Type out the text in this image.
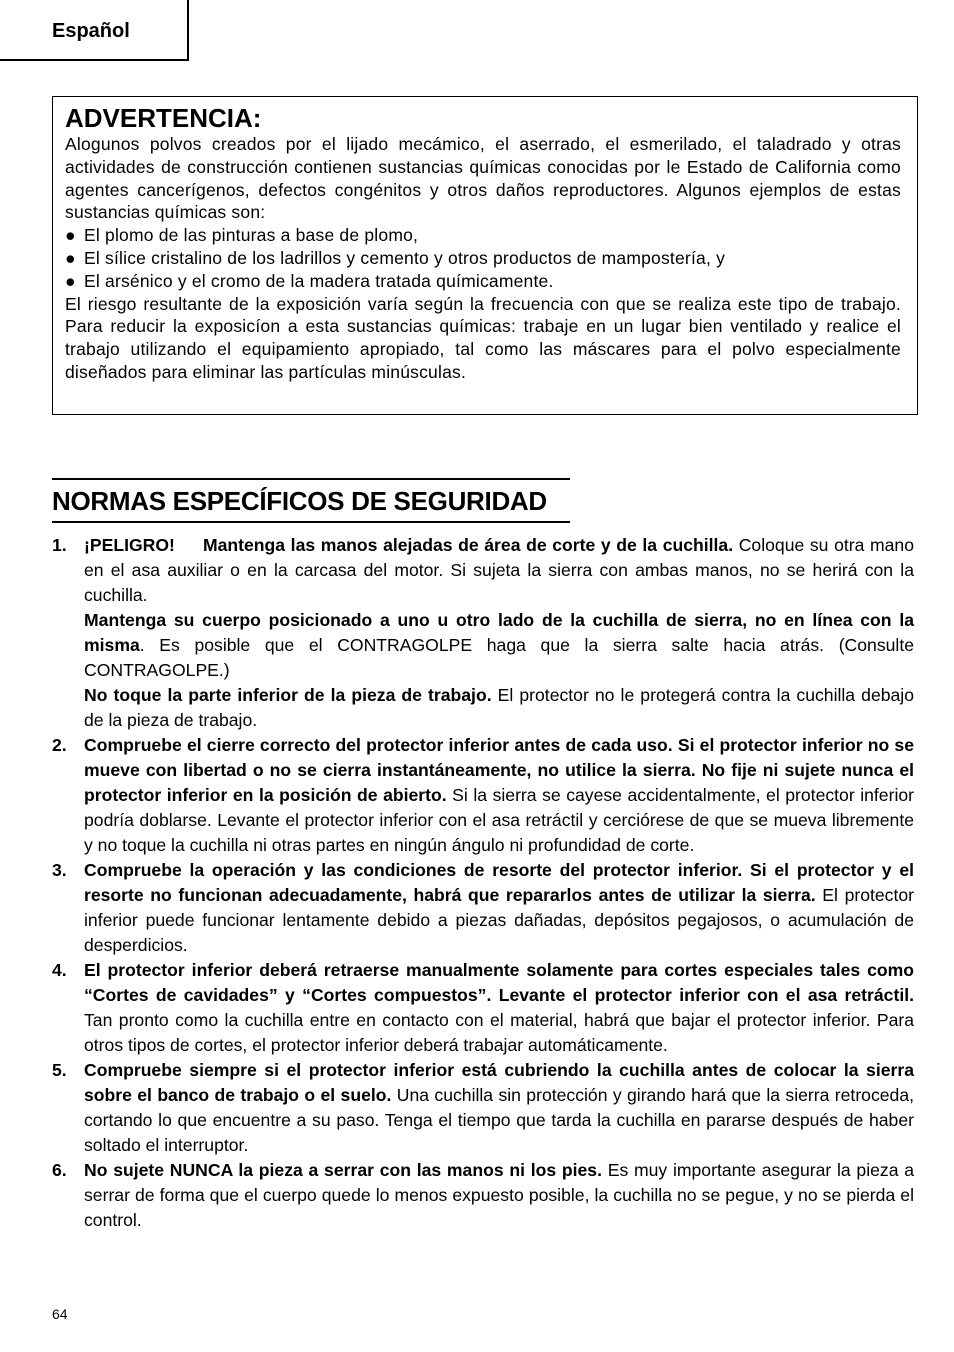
Español
ADVERTENCIA:

Alogunos polvos creados por el lijado mecámico, el aserrado, el esmerilado, el taladrado y otras actividades de construcción contienen sustancias químicas conocidas por le Estado de California como agentes cancerígenos, defectos congénitos y otros daños reproductores. Algunos ejemplos de estas sustancias químicas son:

● El plomo de las pinturas a base de plomo,
● El sílice cristalino de los ladrillos y cemento y otros productos de mampostería, y
● El arsénico y el cromo de la madera tratada químicamente.

El riesgo resultante de la exposición varía según la frecuencia con que se realiza este tipo de trabajo. Para reducir la exposicíon a esta sustancias químicas: trabaje en un lugar bien ventilado y realice el trabajo utilizando el equipamiento apropiado, tal como las máscares para el polvo especialmente diseñados para eliminar las partículas minúsculas.

NORMAS ESPECÍFICOS DE SEGURIDAD
1. ¡PELIGRO!     Mantenga las manos alejadas de área de corte y de la cuchilla. Coloque su otra mano en el asa auxiliar o en la carcasa del motor. Si sujeta la sierra con ambas manos, no se herirá con la cuchilla.

Mantenga su cuerpo posicionado a uno u otro lado de la cuchilla de sierra, no en línea con la misma. Es posible que el CONTRAGOLPE haga que la sierra salte hacia atrás. (Consulte CONTRAGOLPE.)

No toque la parte inferior de la pieza de trabajo. El protector no le protegerá contra la cuchilla debajo de la pieza de trabajo.

2. Compruebe el cierre correcto del protector inferior antes de cada uso. Si el protector inferior no se mueve con libertad o no se cierra instantáneamente, no utilice la sierra. No fije ni sujete nunca el protector inferior en la posición de abierto. Si la sierra se cayese accidentalmente, el protector inferior podría doblarse. Levante el protector inferior con el asa retráctil y cerciórese de que se mueva libremente y no toque la cuchilla ni otras partes en ningún ángulo ni profundidad de corte.

3. Compruebe la operación y las condiciones de resorte del protector inferior. Si el protector y el resorte no funcionan adecuadamente, habrá que repararlos antes de utilizar la sierra. El protector inferior puede funcionar lentamente debido a piezas dañadas, depósitos pegajosos, o acumulación de desperdicios.

4. El protector inferior deberá retraerse manualmente solamente para cortes especiales tales como “Cortes de cavidades” y “Cortes compuestos”. Levante el protector inferior con el asa retráctil. Tan pronto como la cuchilla entre en contacto con el material, habrá que bajar el protector inferior. Para otros tipos de cortes, el protector inferior deberá trabajar automáticamente.

5. Compruebe siempre si el protector inferior está cubriendo la cuchilla antes de colocar la sierra sobre el banco de trabajo o el suelo. Una cuchilla sin protección y girando hará que la sierra retroceda, cortando lo que encuentre a su paso. Tenga el tiempo que tarda la cuchilla en pararse después de haber soltado el interruptor.

6. No sujete NUNCA la pieza a serrar con las manos ni los pies. Es muy importante asegurar la pieza a serrar de forma que el cuerpo quede lo menos expuesto posible, la cuchilla no se pegue, y no se pierda el control.

64
